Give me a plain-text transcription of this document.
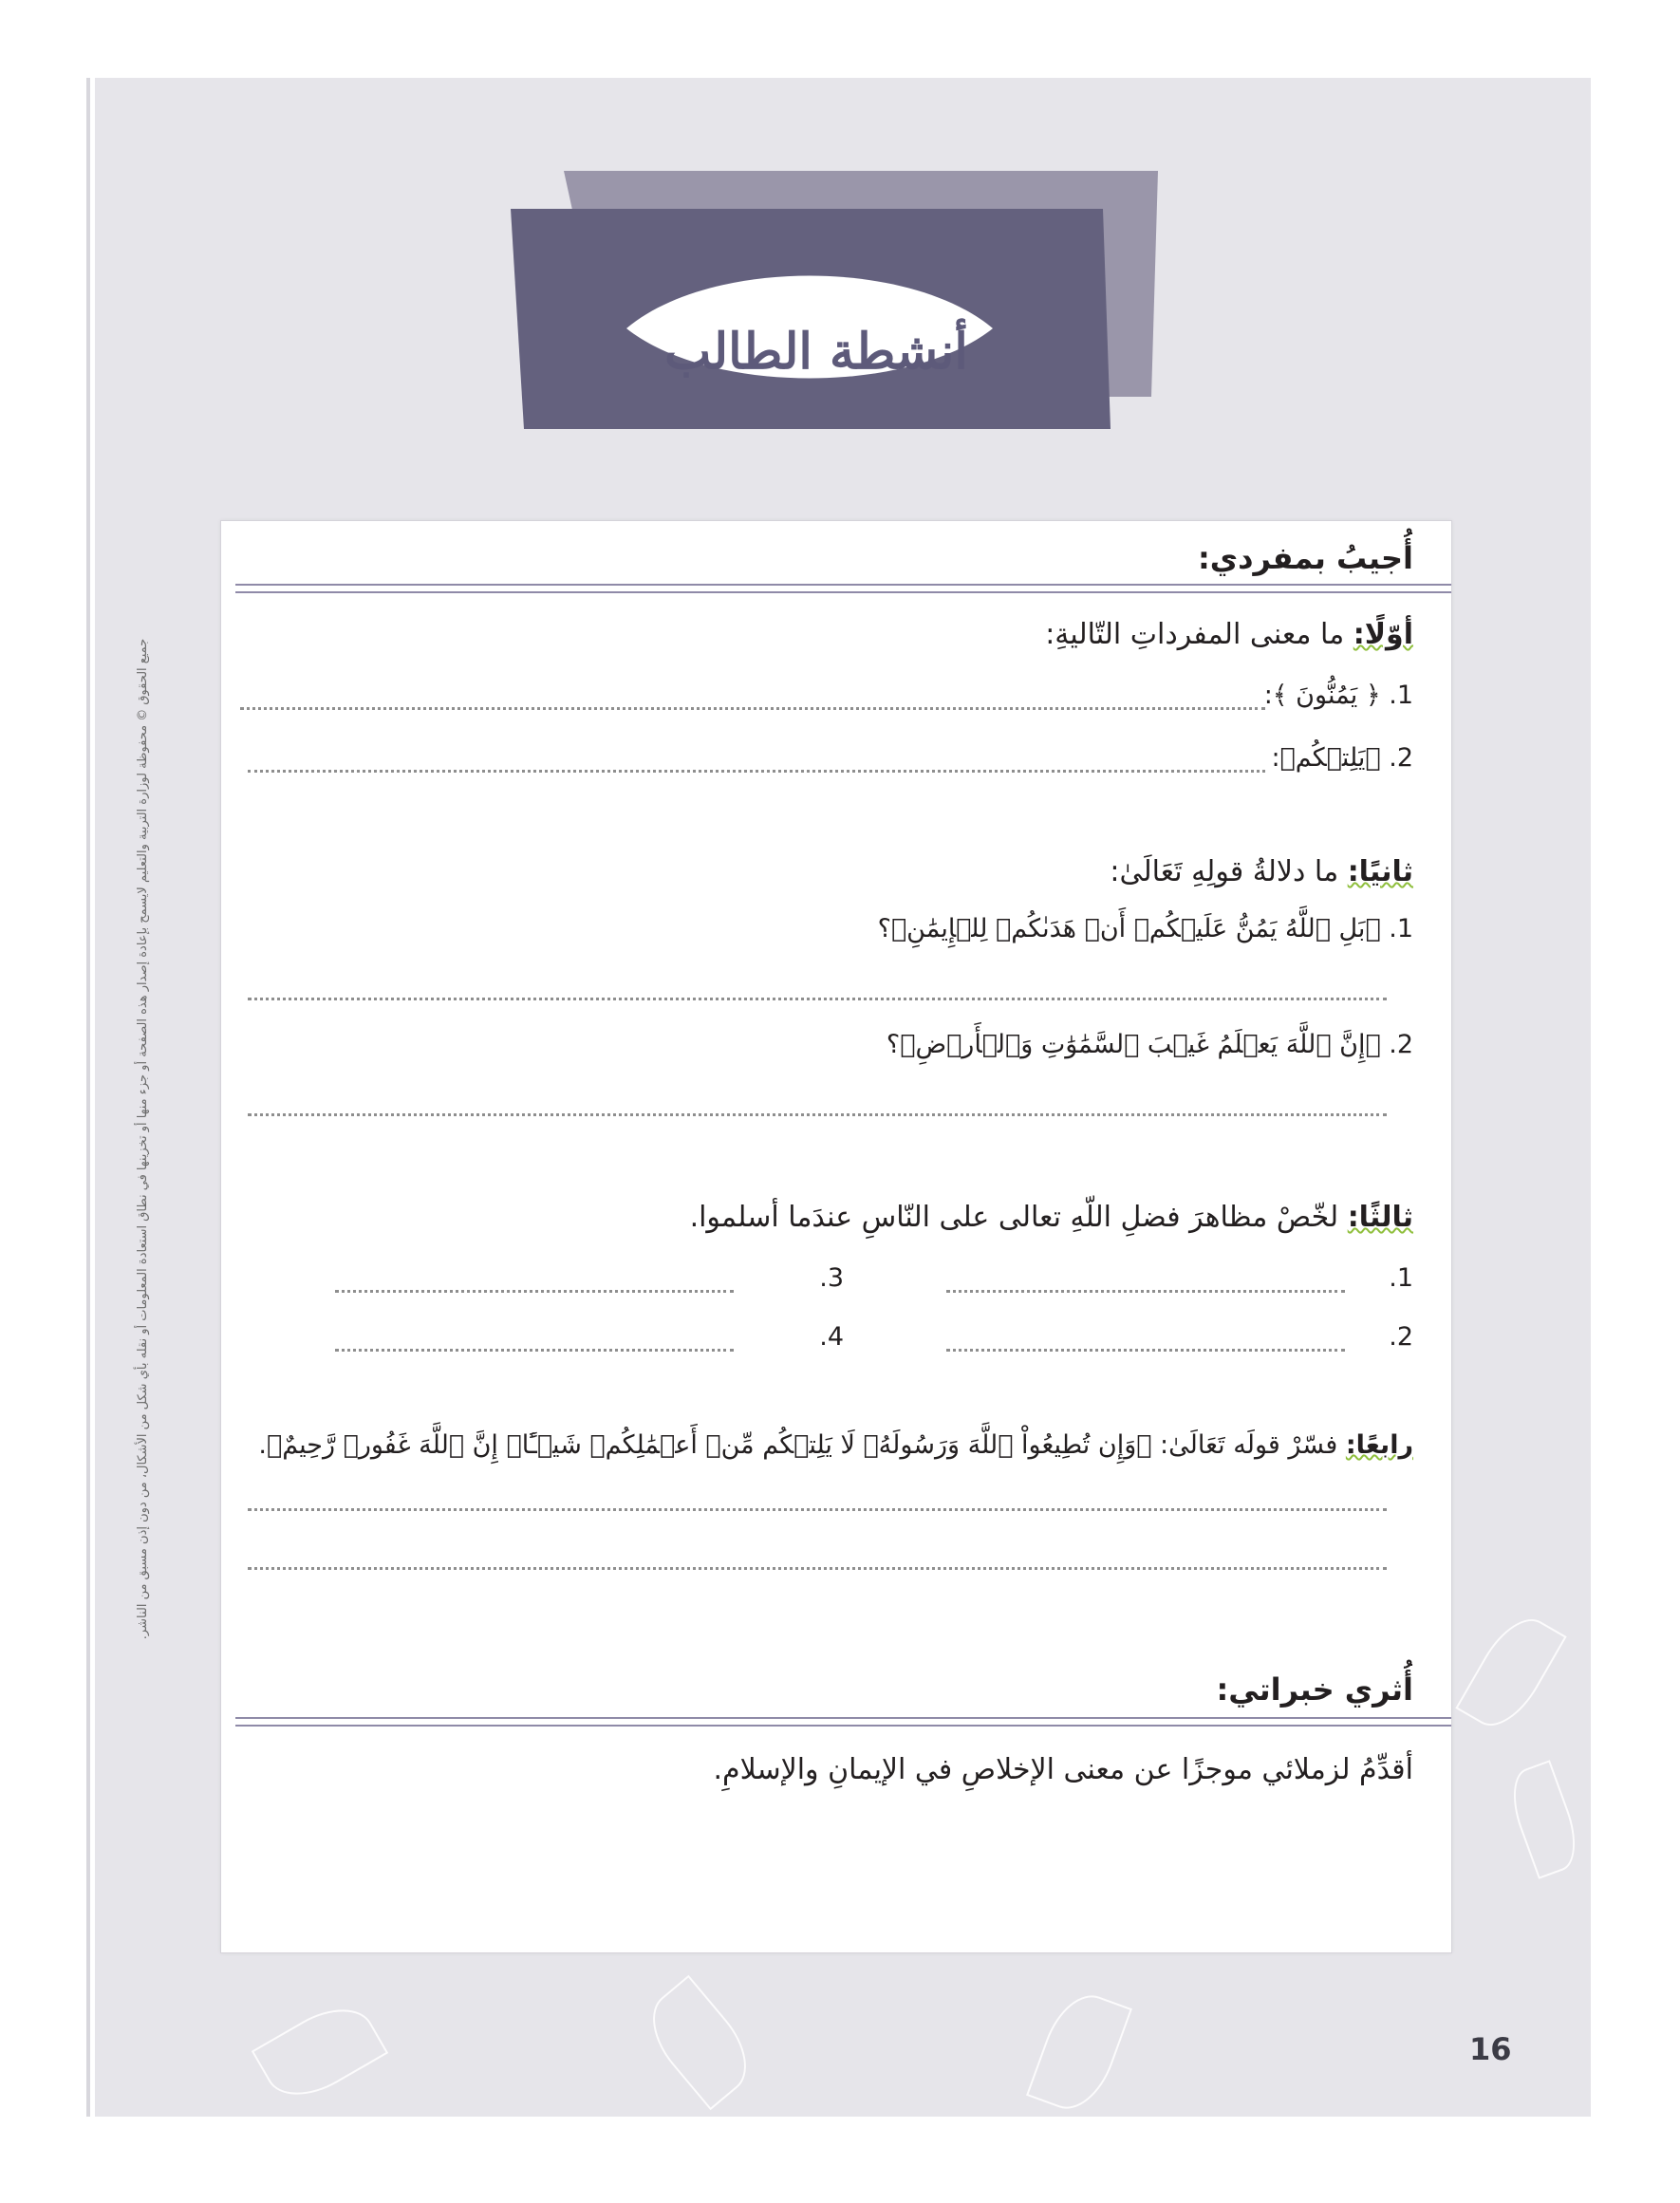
جميع الحقوق © محفوظة لوزارة التربية والتعليم لايسمح بإعادة إصدار هذه الصفحة أو جزء منها أو تخزينها في نطاق استعادة المعلومات أو نقله بأي شكل من الأشكال، من دون إذن مسبق من الناشر.
أنشطة الطالب
أُجيبُ بمفردي:
أوّلًا: ما معنى المفرداتِ التّاليةِ:
1. ﴿ يَمُنُّونَ ﴾:
2. ﴿يَلِتۡكُم﴾:
ثانيًا: ما دلالةُ قولِهِ تَعَالَىٰ:
1. ﴿بَلِ ٱللَّهُ يَمُنُّ عَلَيۡكُمۡ أَنۡ هَدَىٰكُمۡ لِلۡإِيمَٰنِ﴾؟
2. ﴿إِنَّ ٱللَّهَ يَعۡلَمُ غَيۡبَ ٱلسَّمَٰوَٰتِ وَٱلۡأَرۡضِ﴾؟
ثالثًا: لخّصْ مظاهرَ فضلِ اللّهِ تعالى على النّاسِ عندَما أسلموا.
1.
3.
2.
4.
رابعًا: فسّرْ قولَه تَعَالَىٰ: ﴿وَإِن تُطِيعُواْ ٱللَّهَ وَرَسُولَهُۥ لَا يَلِتۡكُم مِّنۡ أَعۡمَٰلِكُمۡ شَيۡـًٔاۚ إِنَّ ٱللَّهَ غَفُورٞ رَّحِيمٌ﴾.
أُثري خبراتي:
أقدِّمُ لزملائي موجزًا عن معنى الإخلاصِ في الإيمانِ والإسلامِ.
16
